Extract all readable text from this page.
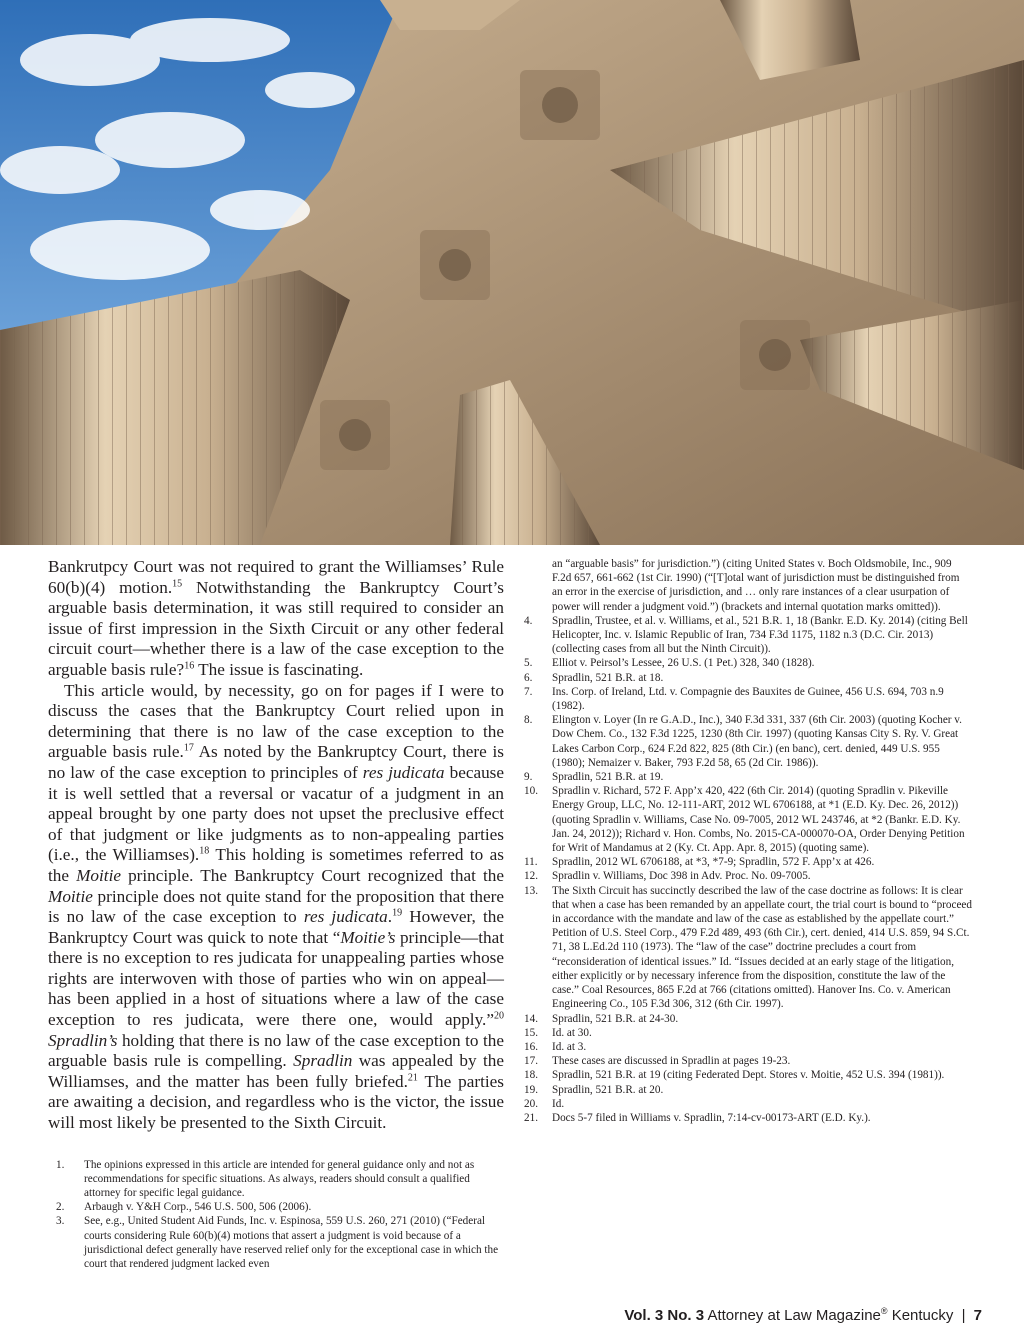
Bankrutpcy Court was not required to grant the Williamses’ Rule 60(b)(4) motion.$^{15}$ Notwithstanding the Bankruptcy Court’s arguable basis determination, it was still required to consider an issue of first impression in the Sixth Circuit or any other federal circuit court—whether there is a law of the case exception to the arguable basis rule?$^{16}$ The issue is fascinating.

This article would, by necessity, go on for pages if I were to discuss the cases that the Bankruptcy Court relied upon in determining that there is no law of the case exception to the arguable basis rule.$^{17}$ As noted by the Bankruptcy Court, there is no law of the case exception to principles of res judicata because it is well settled that a reversal or vacatur of a judgment in an appeal brought by one party does not upset the preclusive effect of that judgment or like judgments as to non-appealing parties (i.e., the Williamses).$^{18}$ This holding is sometimes referred to as the Moitie principle. The Bankruptcy Court recognized that the Moitie principle does not quite stand for the proposition that there is no law of the case exception to res judicata.$^{19}$ However, the Bankruptcy Court was quick to note that “Moitie’s principle—that there is no exception to res judicata for unappealing parties whose rights are interwoven with those of parties who win on appeal—has been applied in a host of situations where a law of the case exception to res judicata, were there one, would apply.”$^{20}$ Spradlin’s holding that there is no law of the case exception to the arguable basis rule is compelling. Spradlin was appealed by the Williamses, and the matter has been fully briefed.$^{21}$ The parties are awaiting a decision, and regardless who is the victor, the issue will most likely be presented to the Sixth Circuit.

1.	The opinions expressed in this article are intended for general guidance only and not as recommendations for specific situations. As always, readers should consult a qualified attorney for specific legal guidance.
2.	Arbaugh v. Y&H Corp., 546 U.S. 500, 506 (2006).
3.	See, e.g., United Student Aid Funds, Inc. v. Espinosa, 559 U.S. 260, 271 (2010) (“Federal courts considering Rule 60(b)(4) motions that assert a judgment is void because of a jurisdictional defect generally have reserved relief only for the exceptional case in which the court that rendered judgment lacked even
an “arguable basis” for jurisdiction.”) (citing United States v. Boch Oldsmobile, Inc., 909 F.2d 657, 661-662 (1st Cir. 1990) (“[T]otal want of jurisdiction must be distinguished from an error in the exercise of jurisdiction, and … only rare instances of a clear usurpation of power will render a judgment void.”) (brackets and internal quotation marks omitted)).
4.	Spradlin, Trustee, et al. v. Williams, et al., 521 B.R. 1, 18 (Bankr. E.D. Ky. 2014) (citing Bell Helicopter, Inc. v. Islamic Republic of Iran, 734 F.3d 1175, 1182 n.3 (D.C. Cir. 2013) (collecting cases from all but the Ninth Circuit)).
5.	Elliot v. Peirsol’s Lessee, 26 U.S. (1 Pet.) 328, 340 (1828).
6.	Spradlin, 521 B.R. at 18.
7.	Ins. Corp. of Ireland, Ltd. v. Compagnie des Bauxites de Guinee, 456 U.S. 694, 703 n.9 (1982).
8.	Elington v. Loyer (In re G.A.D., Inc.), 340 F.3d 331, 337 (6th Cir. 2003) (quoting Kocher v. Dow Chem. Co., 132 F.3d 1225, 1230 (8th Cir. 1997) (quoting Kansas City S. Ry. V. Great Lakes Carbon Corp., 624 F.2d 822, 825 (8th Cir.) (en banc), cert. denied, 449 U.S. 955 (1980); Nemaizer v. Baker, 793 F.2d 58, 65 (2d Cir. 1986)).
9.	Spradlin, 521 B.R. at 19.
10.	Spradlin v. Richard, 572 F. App’x 420, 422 (6th Cir. 2014) (quoting Spradlin v. Pikeville Energy Group, LLC, No. 12-111-ART, 2012 WL 6706188, at *1 (E.D. Ky. Dec. 26, 2012)) (quoting Spradlin v. Williams, Case No. 09-7005, 2012 WL 243746, at *2 (Bankr. E.D. Ky. Jan. 24, 2012)); Richard v. Hon. Combs, No. 2015-CA-000070-OA, Order Denying Petition for Writ of Mandamus at 2 (Ky. Ct. App. Apr. 8, 2015) (quoting same).
11.	Spradlin, 2012 WL 6706188, at *3, *7-9; Spradlin, 572 F. App’x at 426.
12.	Spradlin v. Williams, Doc 398 in Adv. Proc. No. 09-7005.
13.	The Sixth Circuit has succinctly described the law of the case doctrine as follows: It is clear that when a case has been remanded by an appellate court, the trial court is bound to “proceed in accordance with the mandate and law of the case as established by the appellate court.” Petition of U.S. Steel Corp., 479 F.2d 489, 493 (6th Cir.), cert. denied, 414 U.S. 859, 94 S.Ct. 71, 38 L.Ed.2d 110 (1973). The “law of the case” doctrine precludes a court from “reconsideration of identical issues.” Id. “Issues decided at an early stage of the litigation, either explicitly or by necessary inference from the disposition, constitute the law of the case.” Coal Resources, 865 F.2d at 766 (citations omitted). Hanover Ins. Co. v. American Engineering Co., 105 F.3d 306, 312 (6th Cir. 1997).
14.	Spradlin, 521 B.R. at 24-30.
15.	Id. at 30.
16.	Id. at 3.
17.	These cases are discussed in Spradlin at pages 19-23.
18.	Spradlin, 521 B.R. at 19 (citing Federated Dept. Stores v. Moitie, 452 U.S. 394 (1981)).
19.	Spradlin, 521 B.R. at 20.
20.	Id.
21.	Docs 5-7 filed in Williams v. Spradlin, 7:14-cv-00173-ART (E.D. Ky.).
Vol. 3 No. 3 Attorney at Law Magazine® Kentucky | 7
